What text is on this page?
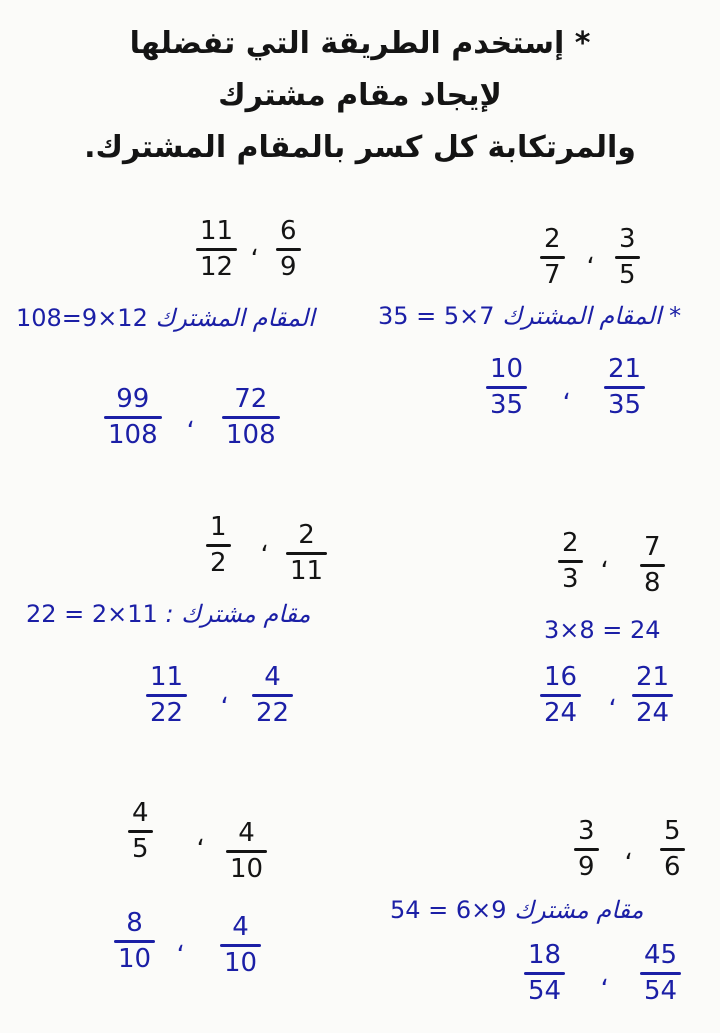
* إستخدم الطريقة التي تفضلها
لإيجاد مقام مشترك
والمرتكابة كل كسر بالمقام المشترك.
2
7
،
3
5
35 = 5×7 * المقام المشترك
10
35 ،
21
35
11
12
،
6
9
108=9×12 المقام المشترك
99
108
،
72
108
2
3
، 7
8
3×8 = 24
16
24
،
21
24
1
2
، 2
11
22 = 2×11 مقام مشترك :
11
22
،
4
22
3
9
،
5
6
54 = 6×9 مقام مشترك
18
54 ،
45
54
4
5 ، 4
10
8
10
،
4
10
